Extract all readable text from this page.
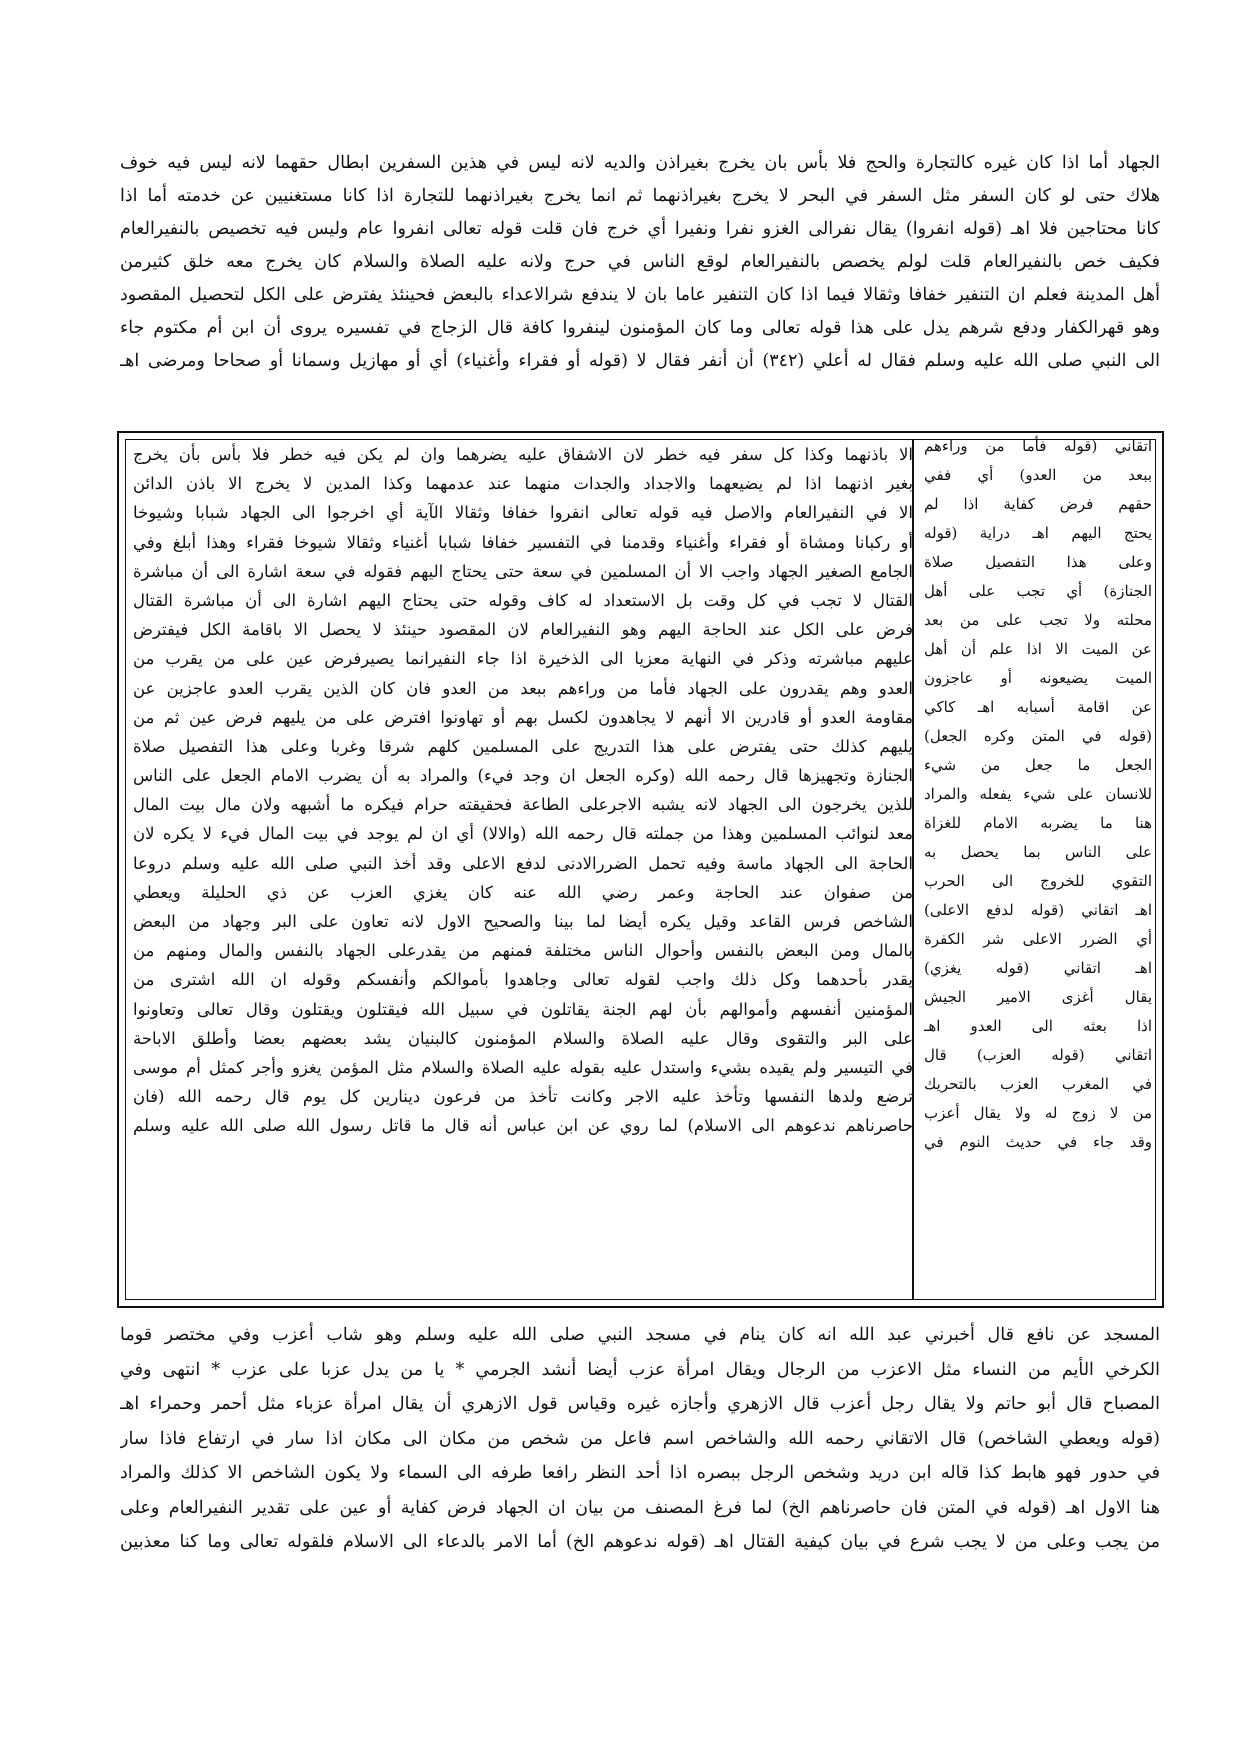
الجهاد أما اذا كان غيره كالتجارة والحج فلا بأس بان يخرج بغيراذن والديه لانه ليس في هذين السفرين ابطال حقهما لانه ليس فيه خوف
هلاك حتى لو كان السفر مثل السفر في البحر لا يخرج بغيراذنهما ثم انما يخرج بغيراذنهما للتجارة اذا كانا مستغنيين عن خدمته أما اذا
كانا محتاجين فلا اهـ (قوله انفروا) يقال نفرالى الغزو نفرا ونفيرا أي خرج فان قلت قوله تعالى انفروا عام وليس فيه تخصيص بالنفيرالعام
فكيف خص بالنفيرالعام قلت لولم يخصص بالنفيرالعام لوقع الناس في حرج ولانه عليه الصلاة والسلام كان يخرج معه خلق كثيرمن
أهل المدينة فعلم ان التنفير خفافا وثقالا فيما اذا كان التنفير عاما بان لا يندفع شرالاعداء بالبعض فحينئذ يفترض على الكل لتحصيل المقصود
وهو قهرالكفار ودفع شرهم يدل على هذا قوله تعالى وما كان المؤمنون لينفروا كافة قال الزجاج في تفسيره يروى أن ابن أم مكتوم جاء
الى النبي صلى الله عليه وسلم فقال له أعلي (٣٤٢) أن أنفر فقال لا (قوله أو فقراء وأغنياء) أي أو مهازيل وسمانا أو صحاحا ومرضى اهـ
الا باذنهما وكذا كل سفر فيه خطر لان الاشفاق عليه يضرهما وان لم يكن فيه خطر فلا بأس بأن يخرج
بغير اذنهما اذا لم يضيعهما والاجداد والجدات منهما عند عدمهما وكذا المدين لا يخرج الا باذن الدائن
الا في النفيرالعام والاصل فيه قوله تعالى انفروا خفافا وثقالا الآية أي اخرجوا الى الجهاد شبابا وشيوخا
أو ركبانا ومشاة أو فقراء وأغنياء وقدمنا في التفسير خفافا شبابا أغنياء وثقالا شيوخا فقراء وهذا أبلغ وفي
الجامع الصغير الجهاد واجب الا أن المسلمين في سعة حتى يحتاج اليهم فقوله في سعة اشارة الى أن مباشرة
القتال لا تجب في كل وقت بل الاستعداد له كاف وقوله حتى يحتاج اليهم اشارة الى أن مباشرة القتال
فرض على الكل عند الحاجة اليهم وهو النفيرالعام لان المقصود حينئذ لا يحصل الا باقامة الكل فيفترض
عليهم مباشرته وذكر في النهاية معزيا الى الذخيرة اذا جاء النفيرانما يصيرفرض عين على من يقرب من
العدو وهم يقدرون على الجهاد فأما من وراءهم ببعد من العدو فان كان الذين يقرب العدو عاجزين عن
مقاومة العدو أو قادرين الا أنهم لا يجاهدون لكسل بهم أو تهاونوا افترض على من يليهم فرض عين ثم من
يليهم كذلك حتى يفترض على هذا التدريج على المسلمين كلهم شرقا وغربا وعلى هذا التفصيل صلاة
الجنازة وتجهيزها قال رحمه الله (وكره الجعل ان وجد فيء) والمراد به أن يضرب الامام الجعل على الناس
للذين يخرجون الى الجهاد لانه يشبه الاجرعلى الطاعة فحقيقته حرام فيكره ما أشبهه ولان مال بيت المال
معد لنوائب المسلمين وهذا من جملته قال رحمه الله (والالا) أي ان لم يوجد في بيت المال فيء لا يكره لان
الحاجة الى الجهاد ماسة وفيه تحمل الضررالادنى لدفع الاعلى وقد أخذ النبي صلى الله عليه وسلم دروعا
من صفوان عند الحاجة وعمر رضي الله عنه كان يغزي العزب عن ذي الحليلة ويعطي
الشاخص فرس القاعد وقيل يكره أيضا لما بينا والصحيح الاول لانه تعاون على البر وجهاد من البعض
بالمال ومن البعض بالنفس وأحوال الناس مختلفة فمنهم من يقدرعلى الجهاد بالنفس والمال ومنهم من
يقدر بأحدهما وكل ذلك واجب لقوله تعالى وجاهدوا بأموالكم وأنفسكم وقوله ان الله اشترى من
المؤمنين أنفسهم وأموالهم بأن لهم الجنة يقاتلون في سبيل الله فيقتلون ويقتلون وقال تعالى وتعاونوا
على البر والتقوى وقال عليه الصلاة والسلام المؤمنون كالبنيان يشد بعضهم بعضا وأطلق الاباحة
في التيسير ولم يقيده بشيء واستدل عليه بقوله عليه الصلاة والسلام مثل المؤمن يغزو وأجر كمثل أم موسى
ترضع ولدها النفسها وتأخذ عليه الاجر وكانت تأخذ من فرعون دينارين كل يوم قال رحمه الله (فان
حاصرناهم ندعوهم الى الاسلام) لما روي عن ابن عباس أنه قال ما قاتل رسول الله صلى الله عليه وسلم
اتقاني (قوله فأما من وراءهم
ببعد من العدو) أي ففي
حقهم فرض كفاية اذا لم
يحتج اليهم اهـ دراية (قوله
وعلى هذا التفصيل صلاة
الجنازة) أي تجب على أهل
محلته ولا تجب على من بعد
عن الميت الا اذا علم أن أهل
الميت يضيعونه أو عاجزون
عن اقامة أسبابه اهـ كاكي
(قوله في المتن وكره الجعل)
الجعل ما جعل من شيء
للانسان على شيء يفعله والمراد
هنا ما يضربه الامام للغزاة
على الناس بما يحصل به
التقوي للخروج الى الحرب
اهـ اتقاني (قوله لدفع الاعلى)
أي الضرر الاعلى شر الكفرة
اهـ اتقاني (قوله يغزي)
يقال أغزى الامير الجيش
اذا بعثه الى العدو اهـ
اتقاني (قوله العزب) قال
في المغرب العزب بالتحريك
من لا زوج له ولا يقال أعزب
وقد جاء في حديث النوم في
المسجد عن نافع قال أخبرني عبد الله انه كان ينام في مسجد النبي صلى الله عليه وسلم وهو شاب أعزب وفي مختصر قوما
الكرخي الأيم من النساء مثل الاعزب من الرجال ويقال امرأة عزب أيضا أنشد الجرمي * يا من يدل عزبا على عزب * انتهى وفي
المصباح قال أبو حاتم ولا يقال رجل أعزب قال الازهري وأجازه غيره وقياس قول الازهري أن يقال امرأة عزباء مثل أحمر وحمراء اهـ
(قوله ويعطي الشاخص) قال الاتقاني رحمه الله والشاخص اسم فاعل من شخص من مكان الى مكان اذا سار في ارتفاع فاذا سار
في حدور فهو هابط كذا قاله ابن دريد وشخص الرجل ببصره اذا أحد النظر رافعا طرفه الى السماء ولا يكون الشاخص الا كذلك والمراد
هنا الاول اهـ (قوله في المتن فان حاصرناهم الخ) لما فرغ المصنف من بيان ان الجهاد فرض كفاية أو عين على تقدير النفيرالعام وعلى
من يجب وعلى من لا يجب شرع في بيان كيفية القتال اهـ (قوله ندعوهم الخ) أما الامر بالدعاء الى الاسلام فلقوله تعالى وما كنا معذبين
